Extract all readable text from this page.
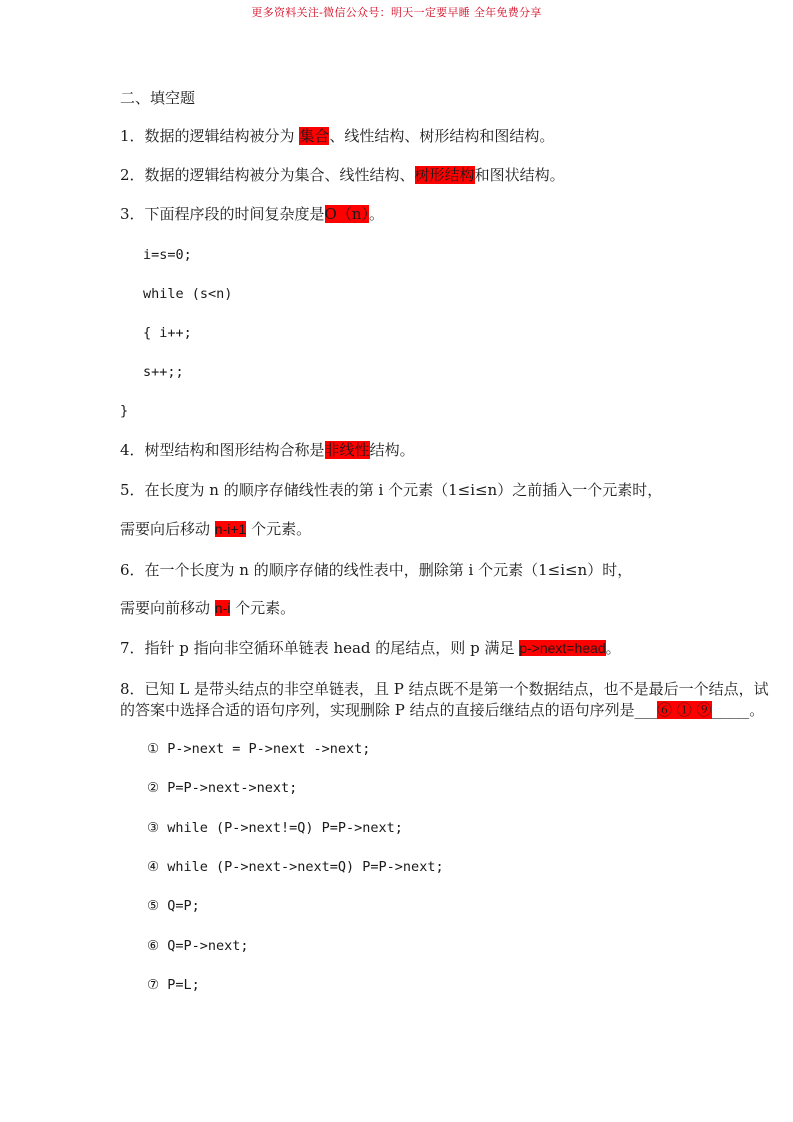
更多资料关注-微信公众号：明天一定要早睡 全年免费分享
二、填空题
1．数据的逻辑结构被分为 集合、线性结构、树形结构和图结构。
2．数据的逻辑结构被分为集合、线性结构、树形结构和图状结构。
3．下面程序段的时间复杂度是O（n）。
i=s=0;
while (s<n)
{ i++;
s++;;
}
4．树型结构和图形结构合称是非线性结构。
5．在长度为 n 的顺序存储线性表的第 i 个元素（1≤i≤n）之前插入一个元素时，
需要向后移动 n-i+1 个元素。
6．在一个长度为 n 的顺序存储的线性表中，删除第 i 个元素（1≤i≤n）时，
需要向前移动 n-i 个元素。
7．指针 p 指向非空循环单链表 head 的尾结点，则 p 满足 p->next=head。
8．已知 L 是带头结点的非空单链表，且 P 结点既不是第一个数据结点，也不是最后一个结点，试
的答案中选择合适的语句序列，实现删除 P 结点的直接后继结点的语句序列是___⑥ ① ⑨_____。
① P->next = P->next ->next;
② P=P->next->next;
③ while (P->next!=Q) P=P->next;
④ while (P->next->next=Q) P=P->next;
⑤ Q=P;
⑥ Q=P->next;
⑦ P=L;
